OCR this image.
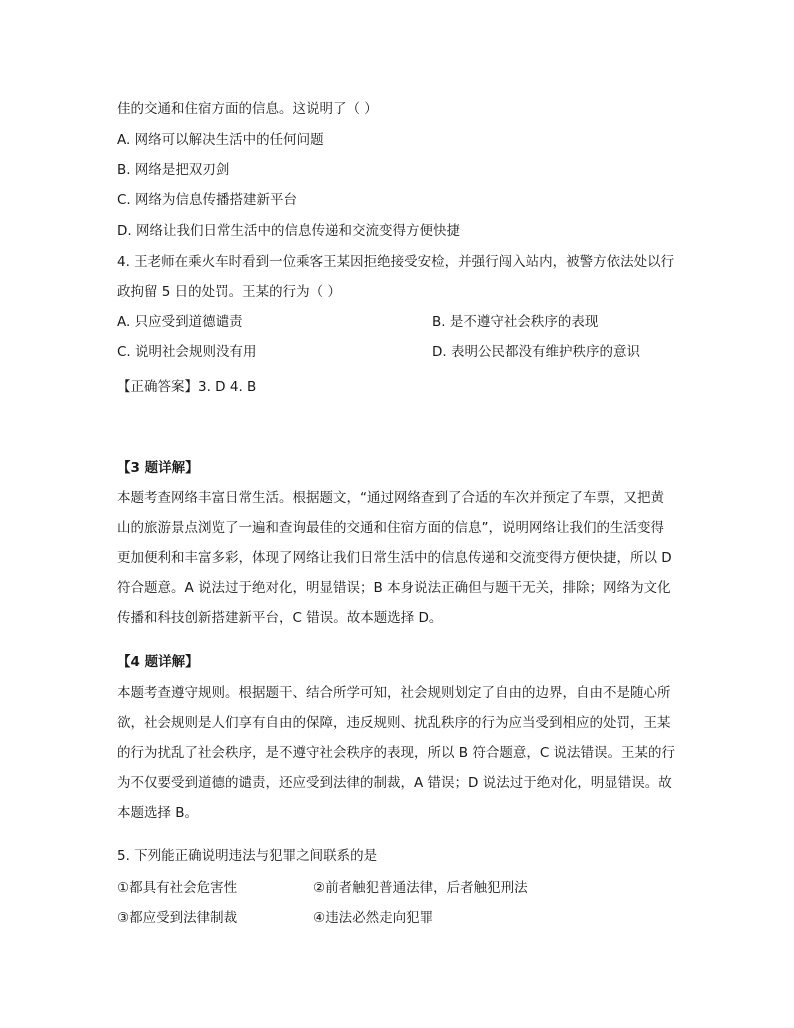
佳的交通和住宿方面的信息。这说明了（ ）
A. 网络可以解决生活中的任何问题
B. 网络是把双刃剑
C. 网络为信息传播搭建新平台
D. 网络让我们日常生活中的信息传递和交流变得方便快捷
4. 王老师在乘火车时看到一位乘客王某因拒绝接受安检，并强行闯入站内，被警方依法处以行
政拘留 5 日的处罚。王某的行为（ ）
A. 只应受到道德谴责	B. 是不遵守社会秩序的表现
C. 说明社会规则没有用	D. 表明公民都没有维护秩序的意识
【正确答案】3. D 4. B
【3 题详解】
本题考查网络丰富日常生活。根据题文，“通过网络查到了合适的车次并预定了车票，又把黄
山的旅游景点浏览了一遍和查询最佳的交通和住宿方面的信息”，说明网络让我们的生活变得
更加便利和丰富多彩，体现了网络让我们日常生活中的信息传递和交流变得方便快捷，所以 D
符合题意。A 说法过于绝对化，明显错误；B 本身说法正确但与题干无关，排除；网络为文化
传播和科技创新搭建新平台，C 错误。故本题选择 D。
【4 题详解】
本题考查遵守规则。根据题干、结合所学可知，社会规则划定了自由的边界，自由不是随心所
欲，社会规则是人们享有自由的保障，违反规则、扰乱秩序的行为应当受到相应的处罚，王某
的行为扰乱了社会秩序，是不遵守社会秩序的表现，所以 B 符合题意，C 说法错误。王某的行
为不仅要受到道德的谴责，还应受到法律的制裁，A 错误；D 说法过于绝对化，明显错误。故
本题选择 B。
5. 下列能正确说明违法与犯罪之间联系的是
①都具有社会危害性	②前者触犯普通法律，后者触犯刑法
③都应受到法律制裁	④违法必然走向犯罪
